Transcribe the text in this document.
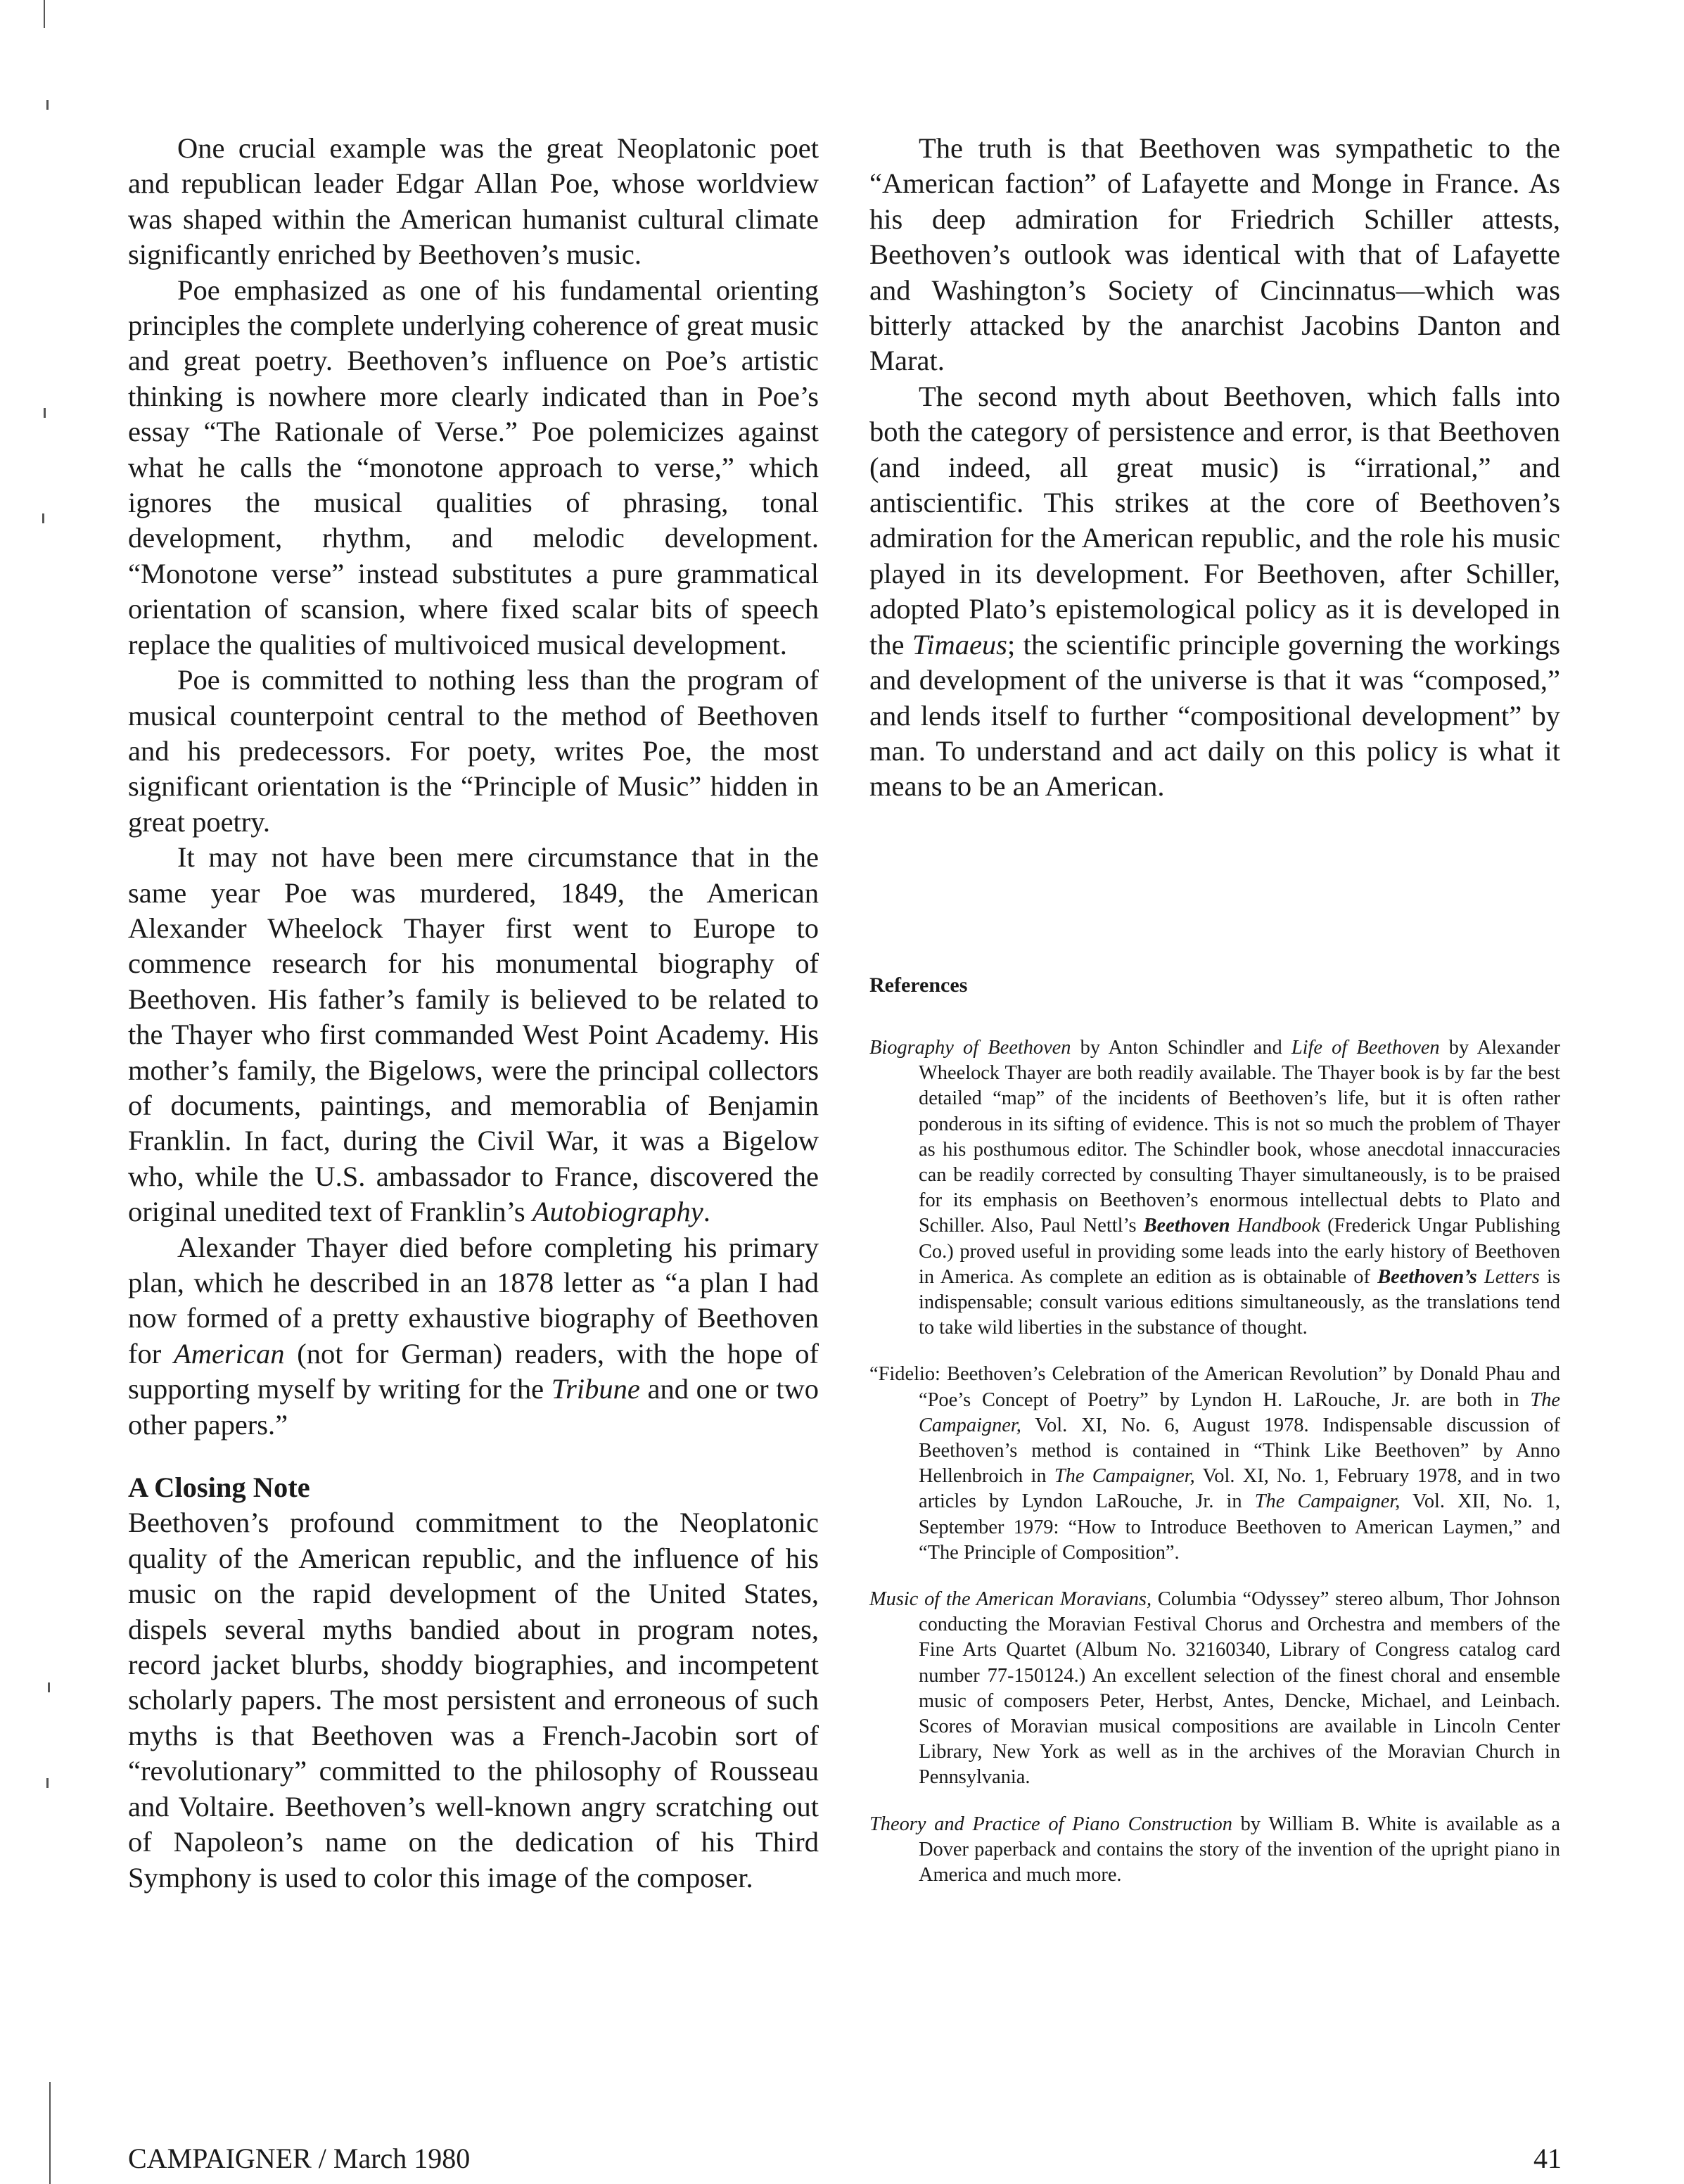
One crucial example was the great Neoplatonic poet and republican leader Edgar Allan Poe, whose worldview was shaped within the American humanist cultural climate significantly enriched by Beethoven’s music.

Poe emphasized as one of his fundamental orienting principles the complete underlying coherence of great music and great poetry. Beethoven’s influence on Poe’s artistic thinking is nowhere more clearly indicated than in Poe’s essay “The Rationale of Verse.” Poe polemicizes against what he calls the “monotone approach to verse,” which ignores the musical qualities of phrasing, tonal development, rhythm, and melodic development. “Monotone verse” instead substitutes a pure grammatical orientation of scansion, where fixed scalar bits of speech replace the qualities of multivoiced musical development.

Poe is committed to nothing less than the program of musical counterpoint central to the method of Beethoven and his predecessors. For poety, writes Poe, the most significant orientation is the “Principle of Music” hidden in great poetry.

It may not have been mere circumstance that in the same year Poe was murdered, 1849, the American Alexander Wheelock Thayer first went to Europe to commence research for his monumental biography of Beethoven. His father’s family is believed to be related to the Thayer who first commanded West Point Academy. His mother’s family, the Bigelows, were the principal collectors of documents, paintings, and memorablia of Benjamin Franklin. In fact, during the Civil War, it was a Bigelow who, while the U.S. ambassador to France, discovered the original unedited text of Franklin’s Autobiography.

Alexander Thayer died before completing his primary plan, which he described in an 1878 letter as “a plan I had now formed of a pretty exhaustive biography of Beethoven for American (not for German) readers, with the hope of supporting myself by writing for the Tribune and one or two other papers.”

A Closing Note

Beethoven’s profound commitment to the Neoplatonic quality of the American republic, and the influence of his music on the rapid development of the United States, dispels several myths bandied about in program notes, record jacket blurbs, shoddy biographies, and incompetent scholarly papers. The most persistent and erroneous of such myths is that Beethoven was a French-Jacobin sort of “revolutionary” committed to the philosophy of Rousseau and Voltaire. Beethoven’s well-known angry scratching out of Napoleon’s name on the dedication of his Third Symphony is used to color this image of the composer.

The truth is that Beethoven was sympathetic to the “American faction” of Lafayette and Monge in France. As his deep admiration for Friedrich Schiller attests, Beethoven’s outlook was identical with that of Lafayette and Washington’s Society of Cincinnatus—which was bitterly attacked by the anarchist Jacobins Danton and Marat.

The second myth about Beethoven, which falls into both the category of persistence and error, is that Beethoven (and indeed, all great music) is “irrational,” and antiscientific. This strikes at the core of Beethoven’s admiration for the American republic, and the role his music played in its development. For Beethoven, after Schiller, adopted Plato’s epistemological policy as it is developed in the Timaeus; the scientific principle governing the workings and development of the universe is that it was “composed,” and lends itself to further “compositional development” by man. To understand and act daily on this policy is what it means to be an American.

References

Biography of Beethoven by Anton Schindler and Life of Beethoven by Alexander Wheelock Thayer are both readily available. The Thayer book is by far the best detailed “map” of the incidents of Beethoven’s life, but it is often rather ponderous in its sifting of evidence. This is not so much the problem of Thayer as his posthumous editor. The Schindler book, whose anecdotal innaccuracies can be readily corrected by consulting Thayer simultaneously, is to be praised for its emphasis on Beethoven’s enormous intellectual debts to Plato and Schiller. Also, Paul Nettl’s Beethoven Handbook (Frederick Ungar Publishing Co.) proved useful in providing some leads into the early history of Beethoven in America. As complete an edition as is obtainable of Beethoven’s Letters is indispensable; consult various editions simultaneously, as the translations tend to take wild liberties in the substance of thought.

“Fidelio: Beethoven’s Celebration of the American Revolution” by Donald Phau and “Poe’s Concept of Poetry” by Lyndon H. LaRouche, Jr. are both in The Campaigner, Vol. XI, No. 6, August 1978. Indispensable discussion of Beethoven’s method is contained in “Think Like Beethoven” by Anno Hellenbroich in The Campaigner, Vol. XI, No. 1, February 1978, and in two articles by Lyndon LaRouche, Jr. in The Campaigner, Vol. XII, No. 1, September 1979: “How to Introduce Beethoven to American Laymen,” and “The Principle of Composition”.

Music of the American Moravians, Columbia “Odyssey” stereo album, Thor Johnson conducting the Moravian Festival Chorus and Orchestra and members of the Fine Arts Quartet (Album No. 32160340, Library of Congress catalog card number 77-150124.) An excellent selection of the finest choral and ensemble music of composers Peter, Herbst, Antes, Dencke, Michael, and Leinbach. Scores of Moravian musical compositions are available in Lincoln Center Library, New York as well as in the archives of the Moravian Church in Pennsylvania.

Theory and Practice of Piano Construction by William B. White is available as a Dover paperback and contains the story of the invention of the upright piano in America and much more.

CAMPAIGNER / March 1980	41
